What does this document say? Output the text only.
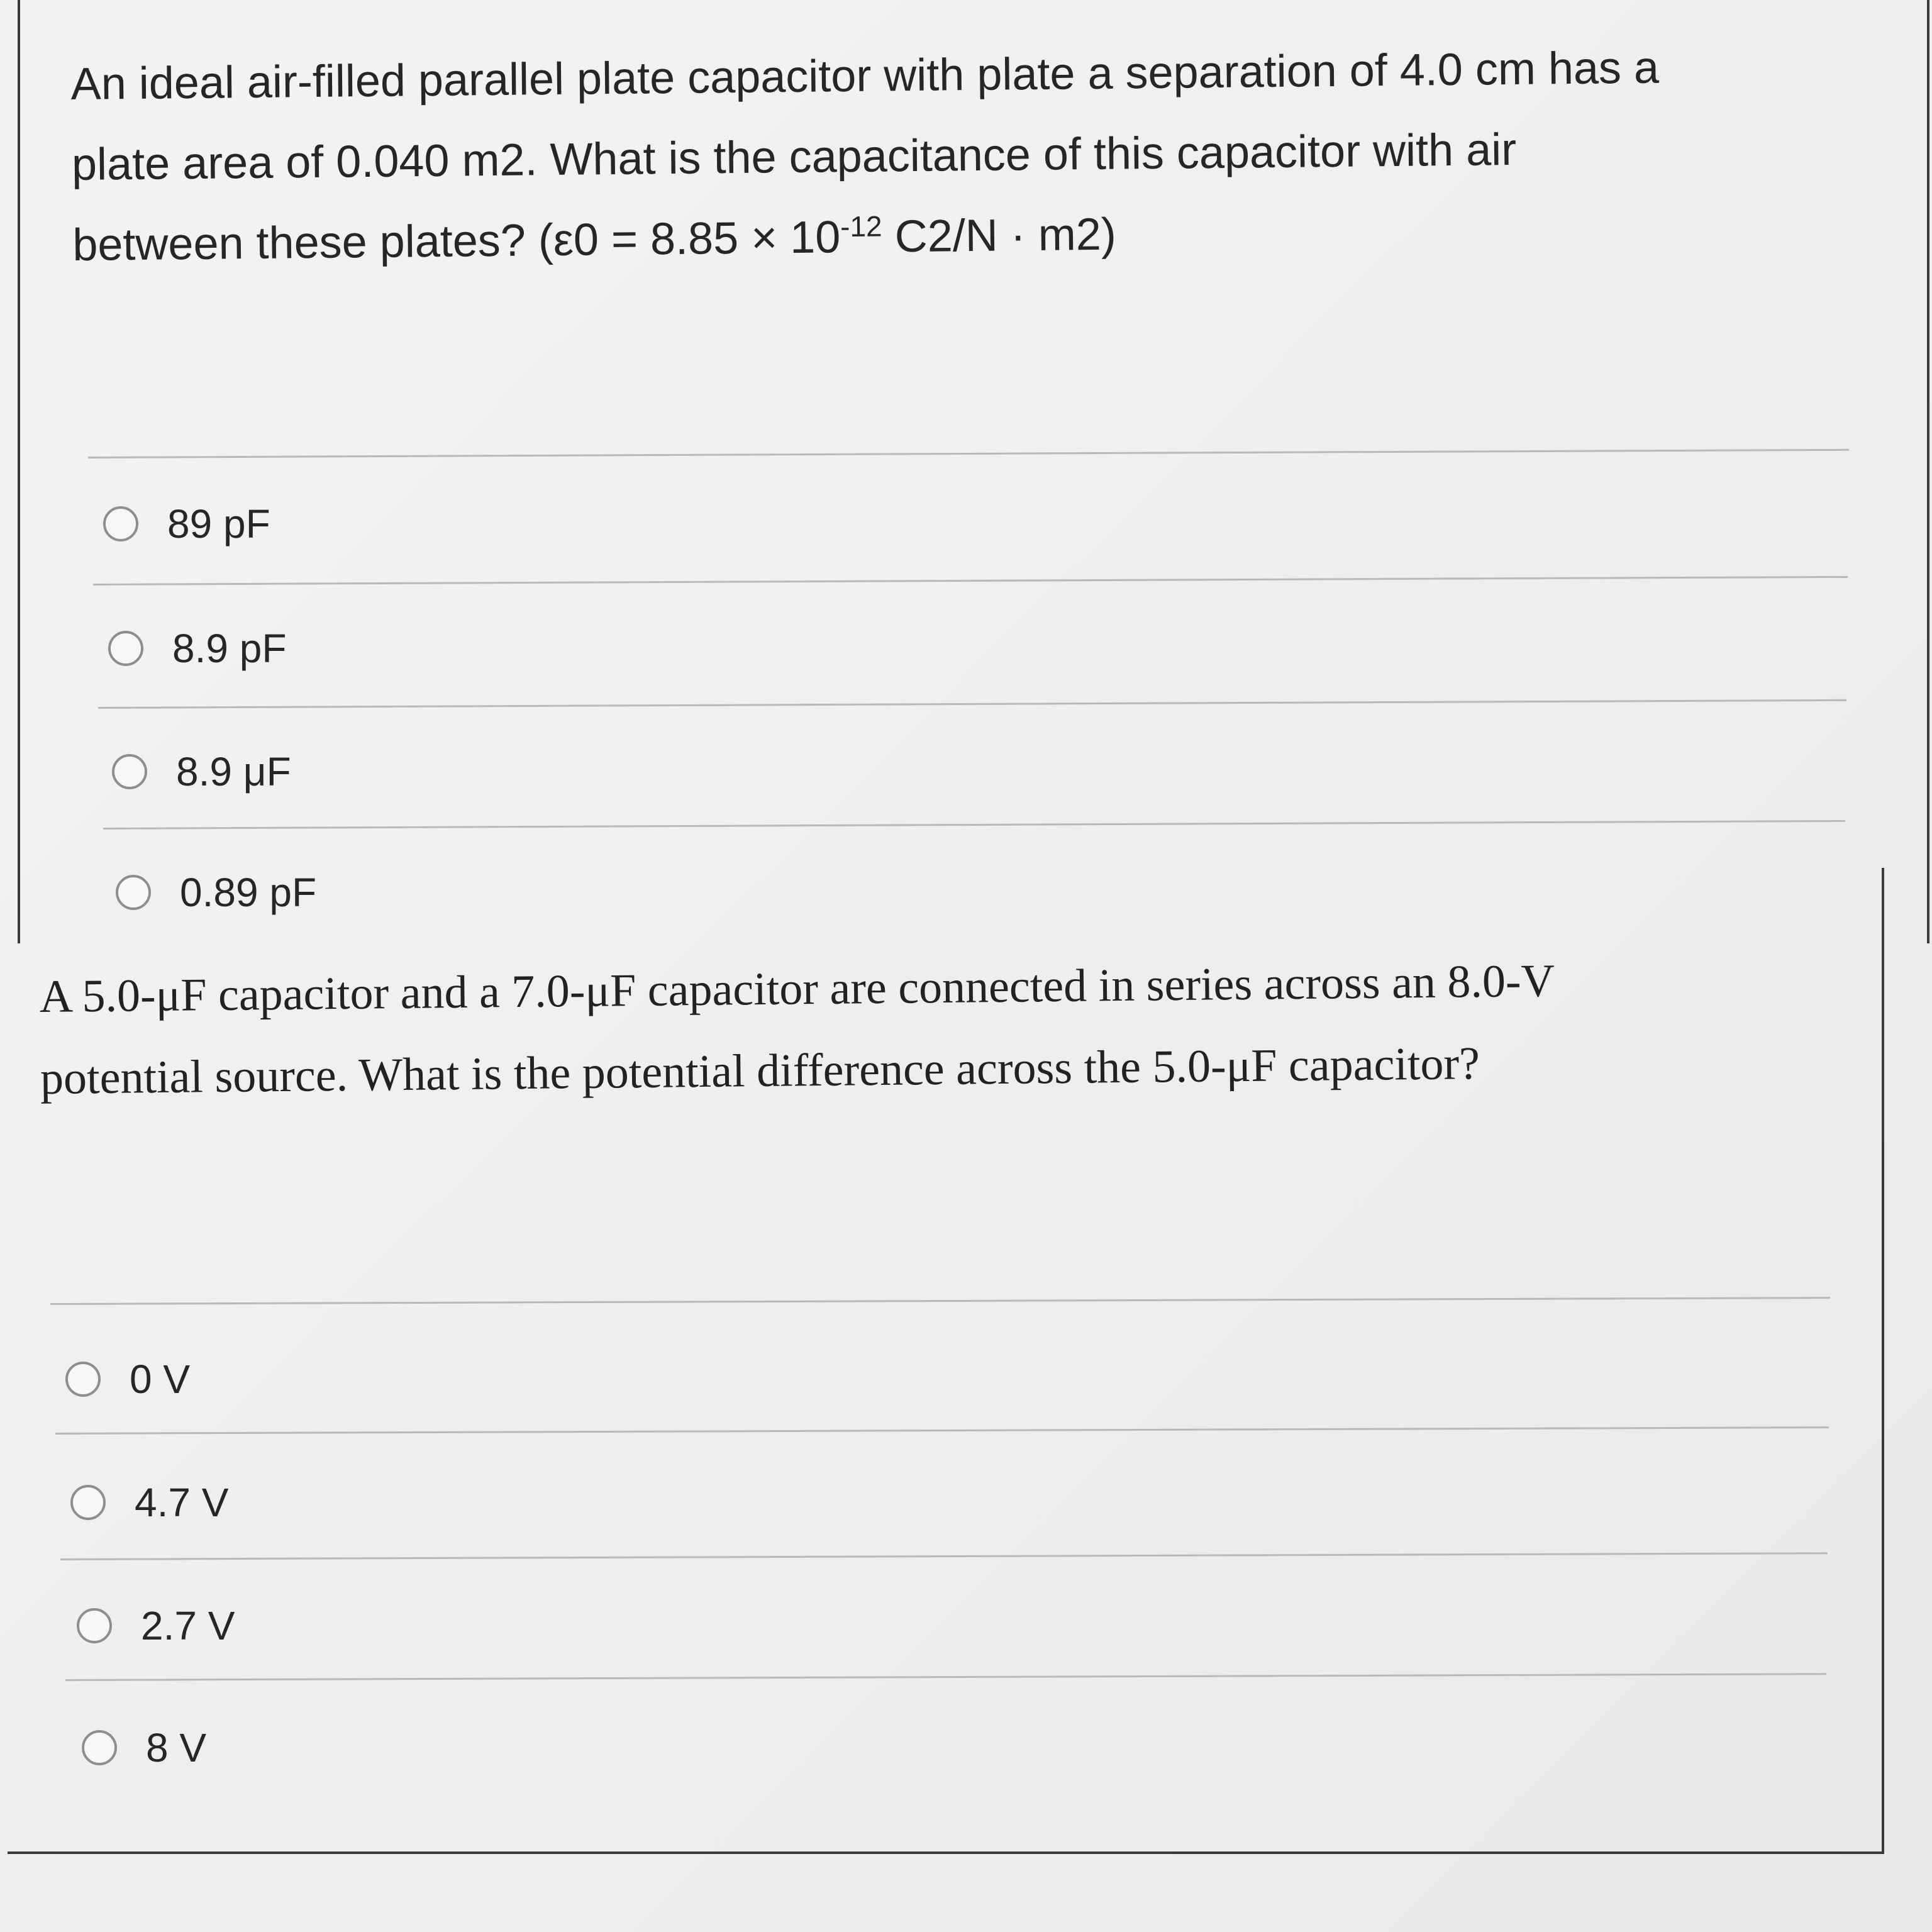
An ideal air-filled parallel plate capacitor with plate a separation of 4.0 cm has a
plate area of 0.040 m2. What is the capacitance of this capacitor with air
between these plates? ($\varepsilon 0 = 8.85 \times 10^{-12}$ C2/N · m2)

89 pF
8.9 pF
8.9 μF
0.89 pF

A 5.0-μF capacitor and a 7.0-μF capacitor are connected in series across an 8.0-V
potential source. What is the potential difference across the 5.0-μF capacitor?

0 V
4.7 V
2.7 V
8 V
